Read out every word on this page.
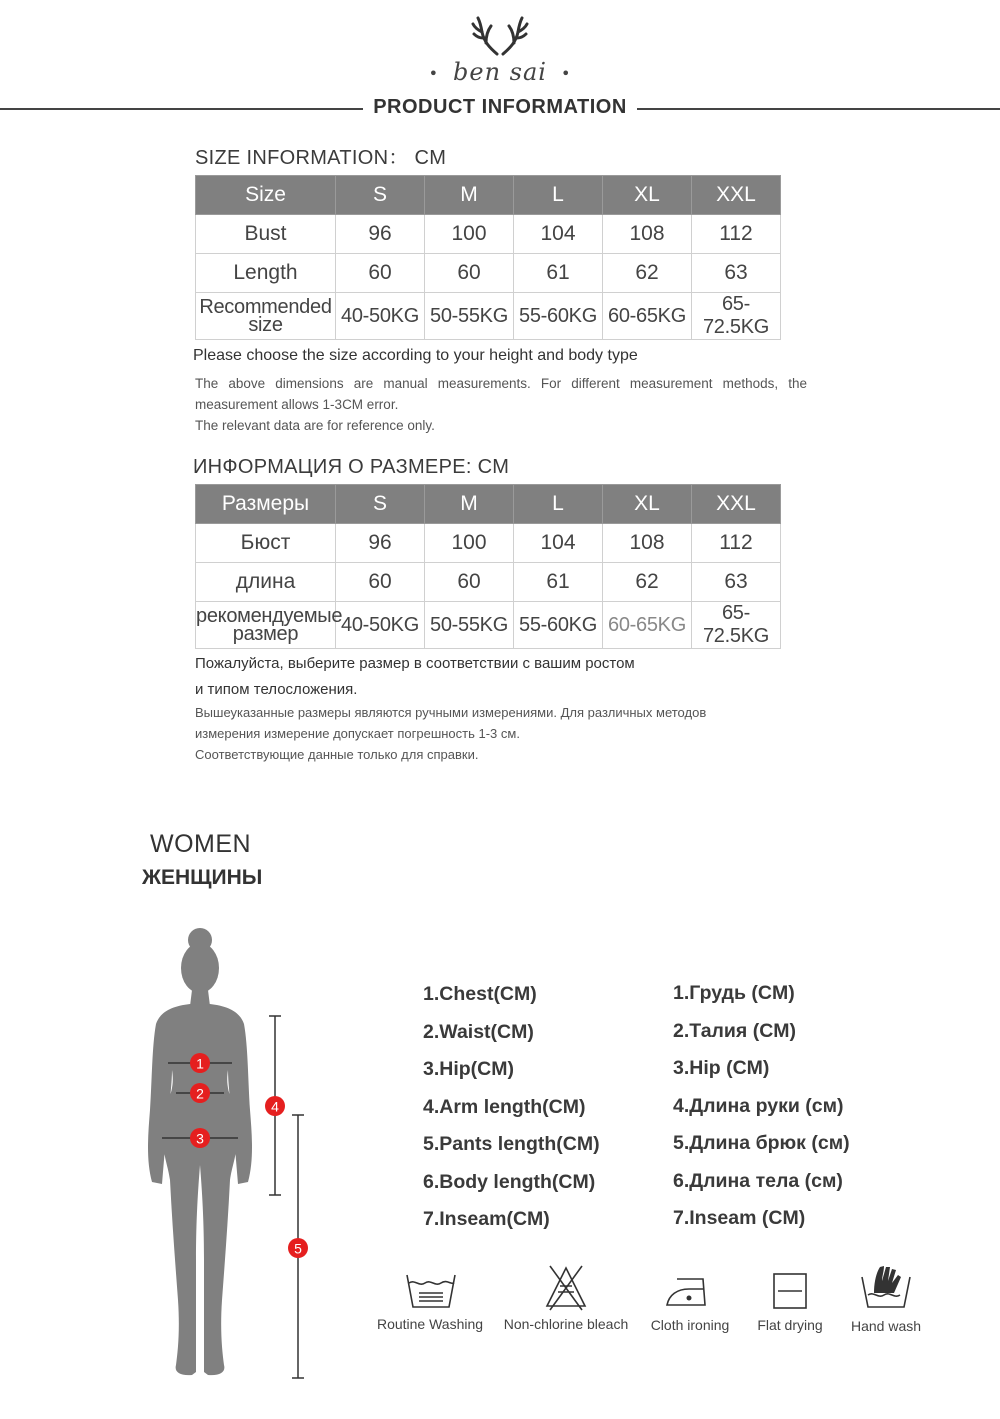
• ben sai •
PRODUCT INFORMATION
SIZE INFORMATION： CM
Size	S	M	L	XL	XXL
Bust	96	100	104	108	112
Length	60	60	61	62	63

Recommended
size	40-50KG	50-55KG	55-60KG	60-65KG	65-72.5KG
Please choose the size according to your height and body type
The above dimensions are manual measurements. For different measurement methods, the
measurement allows 1-3CM error.
The relevant data are for reference only.
ИНФОРМАЦИЯ О РАЗМЕРЕ: CM
Размеры	S	M	L	XL	XXL
Бюст	96	100	104	108	112
длина	60	60	61	62	63

рекомендуемые
размер	40-50KG	50-55KG	55-60KG	60-65KG	65-72.5KG
Пожалуйста, выберите размер в соответствии с вашим ростом
и типом телосложения.
Вышеуказанные размеры являются ручными измерениями. Для различных методов
измерения измерение допускает погрешность 1-3 см.
Соответствующие данные только для справки.
WOMEN
ЖЕНЩИНЫ
1
2
3
4
5
1.Chest(CM)
2.Waist(CM)
3.Hip(CM)
4.Arm length(CM)
5.Pants length(CM)
6.Body length(CM)
7.Inseam(CM)
1.Грудь (CM)
2.Талия (CM)
3.Hip (CM)
4.Длина руки (см)
5.Длина брюк (см)
6.Длина тела (см)
7.Inseam (CM)
Routine Washing	Non-chlorine bleach	Cloth ironing	Flat drying	Hand wash
